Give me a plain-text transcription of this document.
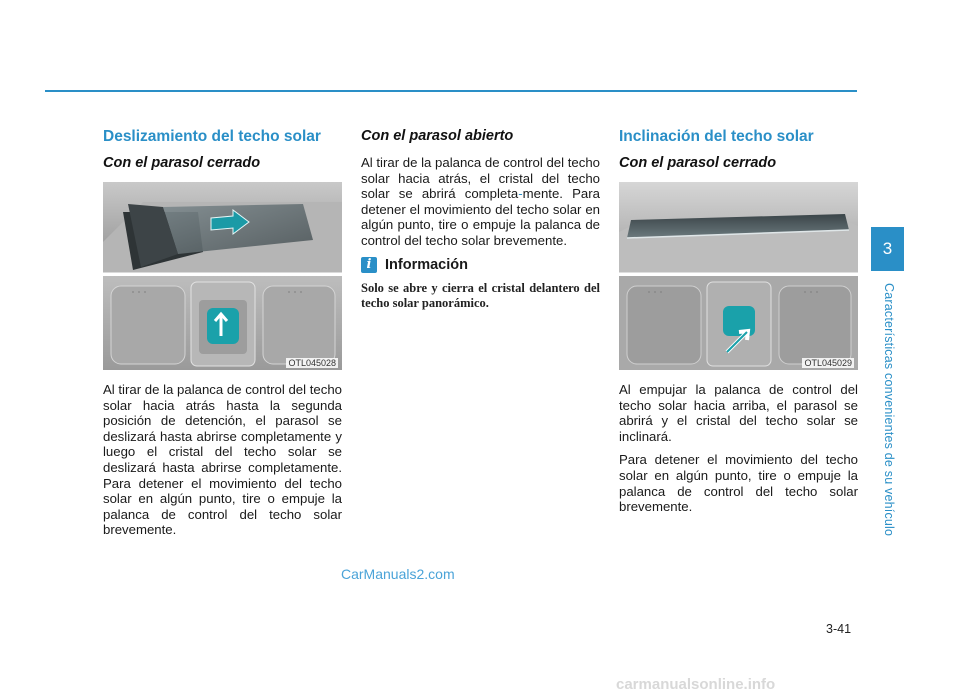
Deslizamiento del techo solar
Con el parasol cerrado
OTL045028

Al tirar de la palanca de control del techo solar hacia atrás hasta la segunda posición de detención, el parasol se deslizará hasta abrirse completamente y luego el cristal del techo solar se deslizará hasta abrirse completamente. Para detener el movimiento del techo solar en algún punto, tire o empuje la palanca de control del techo solar brevemente.

Con el parasol abierto

Al tirar de la palanca de control del techo solar hacia atrás, el cristal del techo solar se abrirá completa-mente. Para detener el movimiento del techo solar en algún punto, tire o empuje la palanca de control del techo solar brevemente.

i Información

Solo se abre y cierra el cristal delantero del techo solar panorámico.

Inclinación del techo solar
Con el parasol cerrado
OTL045029

Al empujar la palanca de control del techo solar hacia arriba, el parasol se abrirá y el cristal del techo solar se inclinará.

Para detener el movimiento del techo solar en algún punto, tire o empuje la palanca de control del techo solar brevemente.

3
Características convenientes de su vehículo
3-41
CarManuals2.com
carmanualsonline.info
